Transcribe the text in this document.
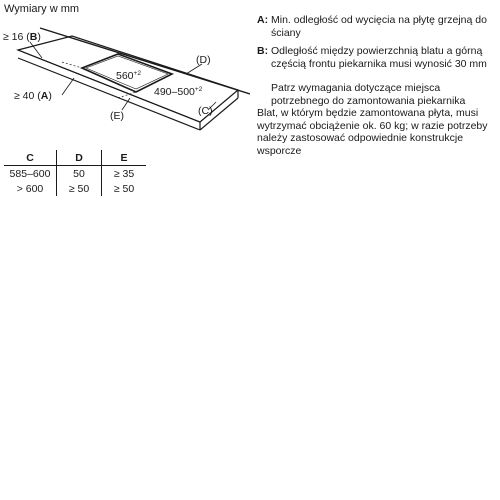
Wymiary w mm
≥ 16 (B)
≥ 40 (A)
(D)
(C)
(E)
$560^{+2}$
$490-500^{+2}$
C	D	E
585–600	50	≥ 35
> 600	≥ 50	≥ 50
A: Min. odległość od wycięcia na płytę grzejną do ściany
B: Odległość między powierzchnią blatu a górną częścią frontu piekarnika musi wynosić 30 mm
Patrz wymagania dotyczące miejsca potrzebnego do zamontowania piekarnika
Blat, w którym będzie zamontowana płyta, musi wytrzymać obciążenie ok. 60 kg; w razie potrzeby należy zastosować odpowiednie konstrukcje wsporcze
